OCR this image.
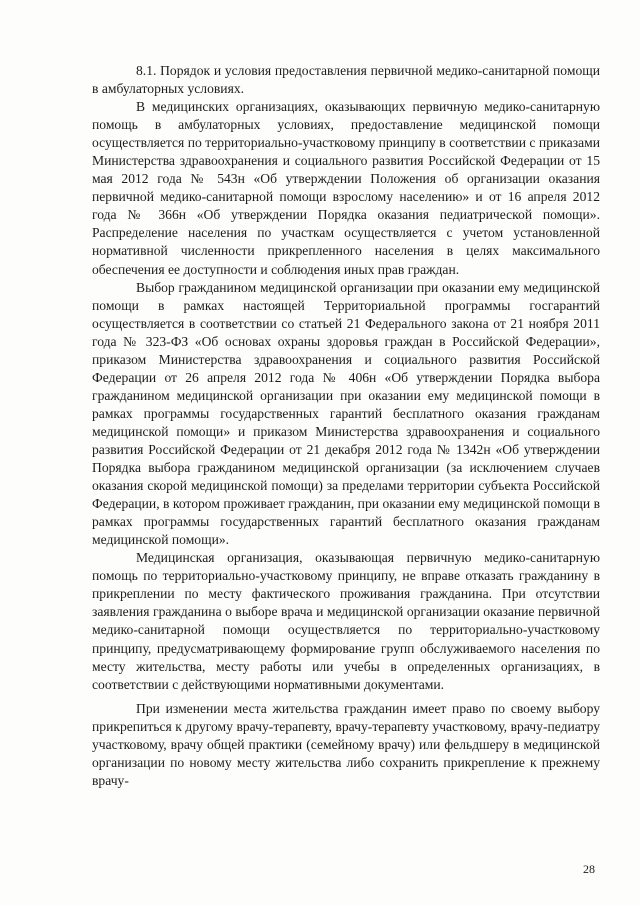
8.1. Порядок и условия предоставления первичной медико-санитарной помощи в амбулаторных условиях.

В медицинских организациях, оказывающих первичную медико-санитарную помощь в амбулаторных условиях, предоставление медицинской помощи осуществляется по территориально-участковому принципу в соответствии с приказами Министерства здравоохранения и социального развития Российской Федерации от 15 мая 2012 года № 543н «Об утверждении Положения об организации оказания первичной медико-санитарной помощи взрослому населению» и от 16 апреля 2012 года № 366н «Об утверждении Порядка оказания педиатрической помощи». Распределение населения по участкам осуществляется с учетом установленной нормативной численности прикрепленного населения в целях максимального обеспечения ее доступности и соблюдения иных прав граждан.

Выбор гражданином медицинской организации при оказании ему медицинской помощи в рамках настоящей Территориальной программы госгарантий осуществляется в соответствии со статьей 21 Федерального закона от 21 ноября 2011 года № 323-ФЗ «Об основах охраны здоровья граждан в Российской Федерации», приказом Министерства здравоохранения и социального развития Российской Федерации от 26 апреля 2012 года № 406н «Об утверждении Порядка выбора гражданином медицинской организации при оказании ему медицинской помощи в рамках программы государственных гарантий бесплатного оказания гражданам медицинской помощи» и приказом Министерства здравоохранения и социального развития Российской Федерации от 21 декабря 2012 года № 1342н «Об утверждении Порядка выбора гражданином медицинской организации (за исключением случаев оказания скорой медицинской помощи) за пределами территории субъекта Российской Федерации, в котором проживает гражданин, при оказании ему медицинской помощи в рамках программы государственных гарантий бесплатного оказания гражданам медицинской помощи».

Медицинская организация, оказывающая первичную медико-санитарную помощь по территориально-участковому принципу, не вправе отказать гражданину в прикреплении по месту фактического проживания гражданина. При отсутствии заявления гражданина о выборе врача и медицинской организации оказание первичной медико-санитарной помощи осуществляется по территориально-участковому принципу, предусматривающему формирование групп обслуживаемого населения по месту жительства, месту работы или учебы в определенных организациях, в соответствии с действующими нормативными документами.

При изменении места жительства гражданин имеет право по своему выбору прикрепиться к другому врачу-терапевту, врачу-терапевту участковому, врачу-педиатру участковому, врачу общей практики (семейному врачу) или фельдшеру в медицинской организации по новому месту жительства либо сохранить прикрепление к прежнему врачу-

28
